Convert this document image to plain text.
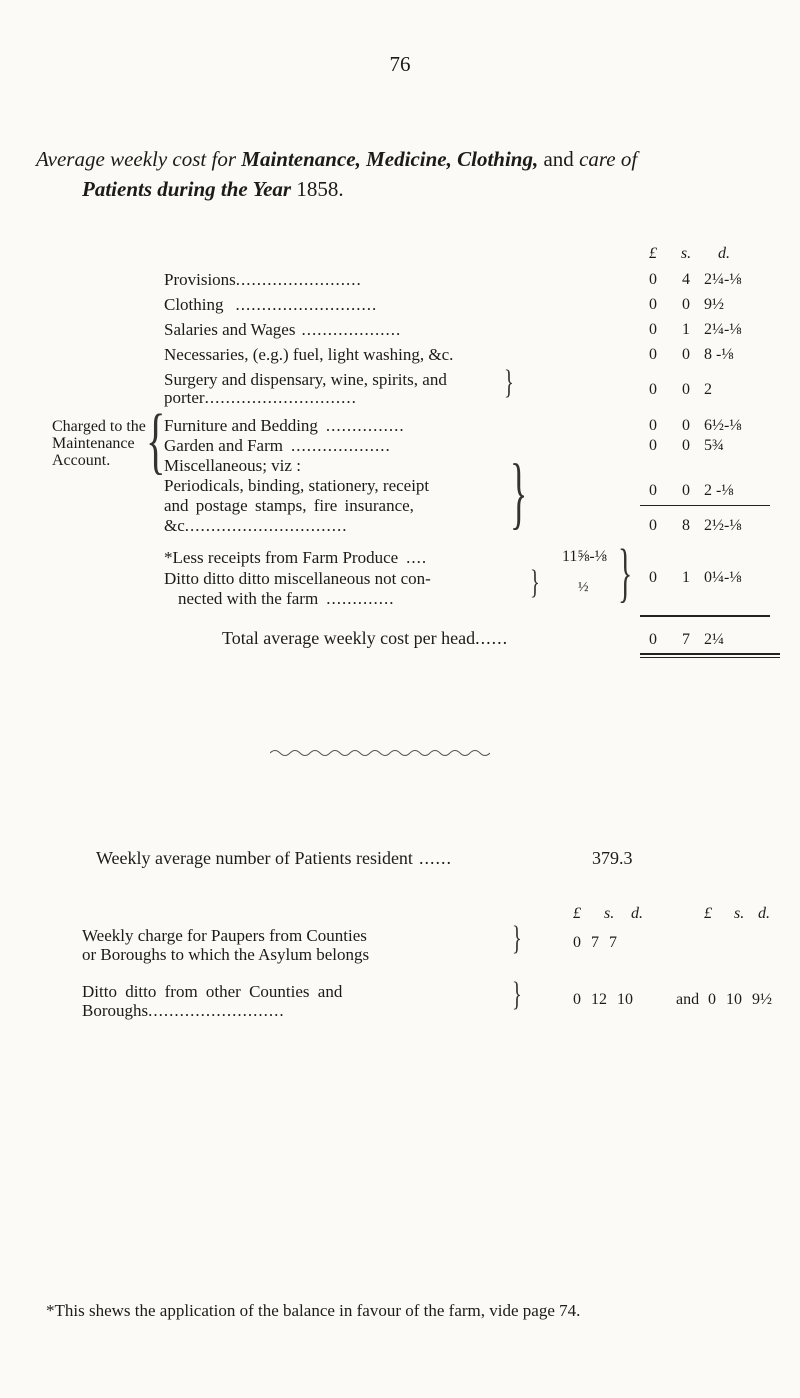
76
Average weekly cost for Maintenance, Medicine, Clothing, and care of
Patients during the Year 1858.
£	s.	d.
Provisions........................	0	4 2¼-⅛
Clothing ...........................	0	0 9½
Salaries and Wages ...................	0	1 2¼-⅛
Necessaries, (e.g.) fuel, light washing, &c.	0	0 8 -⅛
Surgery and dispensary, wine, spirits, and
porter.............................	}	0	0 2
Charged to the
Maintenance
Account. {
Furniture and Bedding ...............	0	0 6½-⅛
Garden and Farm ...................	0	0 5¾
Miscellaneous; viz :
Periodicals, binding, stationery, receipt
and postage stamps, fire insurance,
&c............................... }	0	0 2 -⅛
0	8 2½-⅛
*Less receipts from Farm Produce ....	11⅝-⅛
Ditto ditto ditto miscellaneous not con-
nected with the farm .............	}	½ }	0	1 0¼-⅛
Total average weekly cost per head......	0	7 2¼
Weekly average number of Patients resident ......	379.3
£ s. d.	£ s. d.
Weekly charge for Paupers from Counties
or Boroughs to which the Asylum belongs	}	0 7 7
Ditto ditto from other Counties and
Boroughs..........................	}	0 12 10	and 0 10 9½
*This shews the application of the balance in favour of the farm, vide page 74.
